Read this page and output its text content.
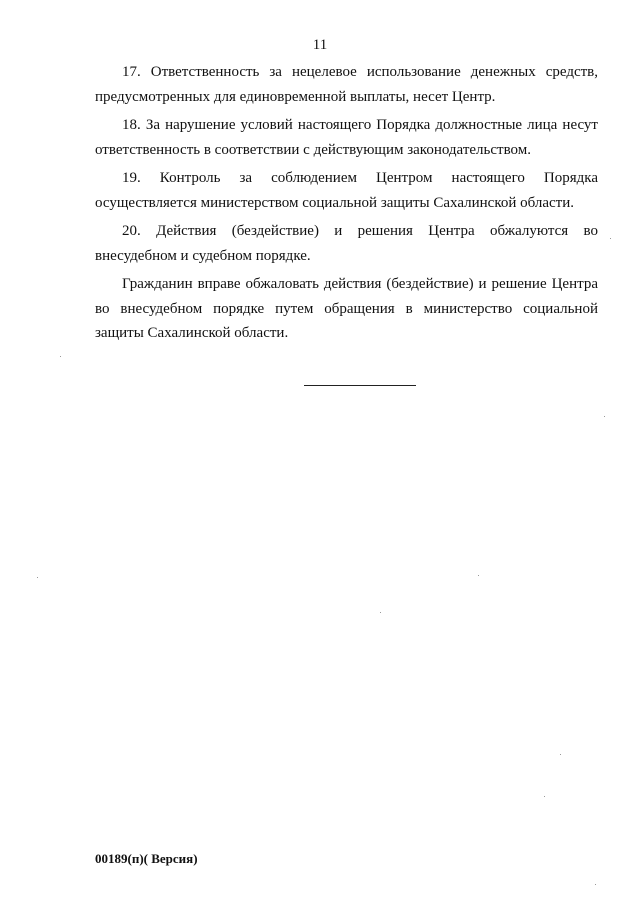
11

17. Ответственность за нецелевое использование денежных средств, предусмотренных для единовременной выплаты, несет Центр.

18. За нарушение условий настоящего Порядка должностные лица несут ответственность в соответствии с действующим законодательством.

19. Контроль за соблюдением Центром настоящего Порядка осуществляется министерством социальной защиты Сахалинской области.

20. Действия (бездействие) и решения Центра обжалуются во внесудебном и судебном порядке.

Гражданин вправе обжаловать действия (бездействие) и решение Центра во внесудебном порядке путем обращения в министерство социальной защиты Сахалинской области.

00189(п)( Версия)
